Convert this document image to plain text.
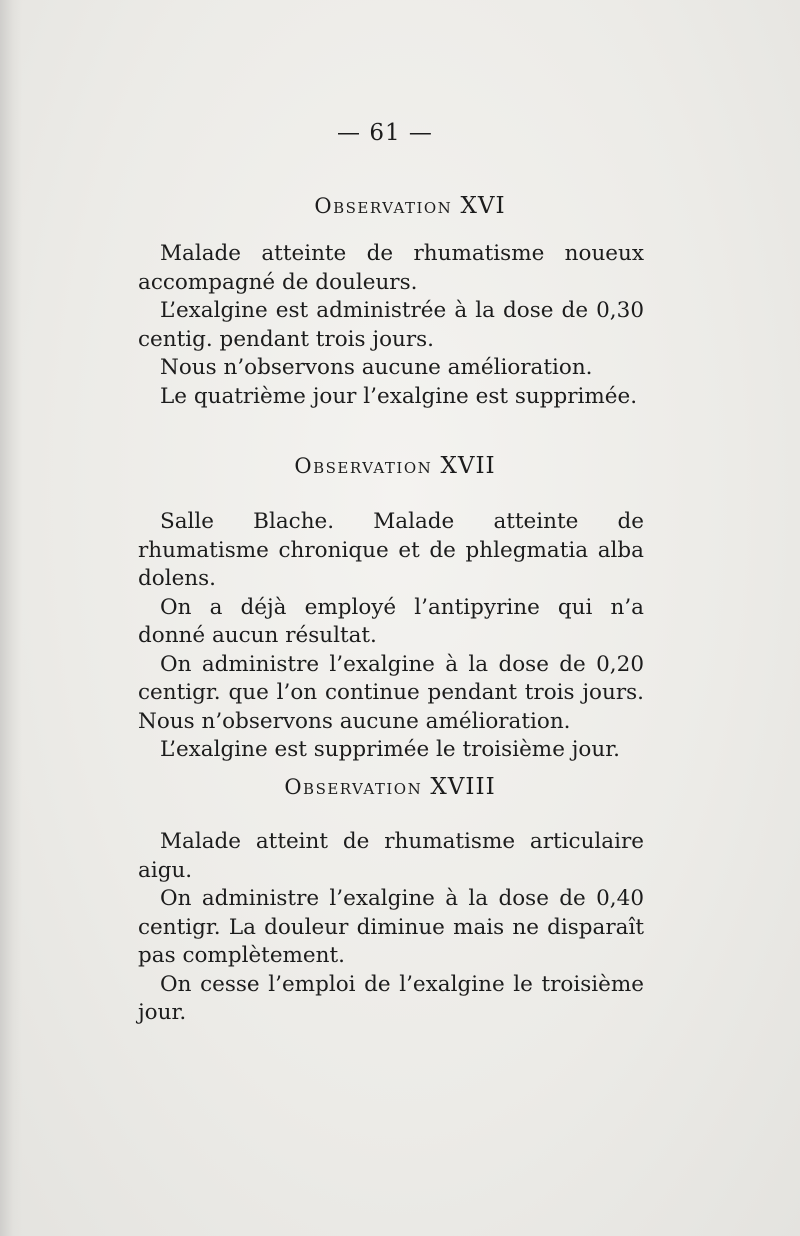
— 61 —
Observation XVI

Malade atteinte de rhumatisme noueux accompagné de douleurs.

L’exalgine est administrée à la dose de 0,30 centig. pendant trois jours.

Nous n’observons aucune amélioration.

Le quatrième jour l’exalgine est supprimée.

Observation XVII

Salle Blache. Malade atteinte de rhumatisme chronique et de phlegmatia alba dolens.

On a déjà employé l’antipyrine qui n’a donné aucun résultat.

On administre l’exalgine à la dose de 0,20 centigr. que l’on continue pendant trois jours. Nous n’observons aucune amélioration.

L’exalgine est supprimée le troisième jour.

Observation XVIII

Malade atteint de rhumatisme articulaire aigu.

On administre l’exalgine à la dose de 0,40 centigr. La douleur diminue mais ne disparaît pas complètement.

On cesse l’emploi de l’exalgine le troisième jour.
